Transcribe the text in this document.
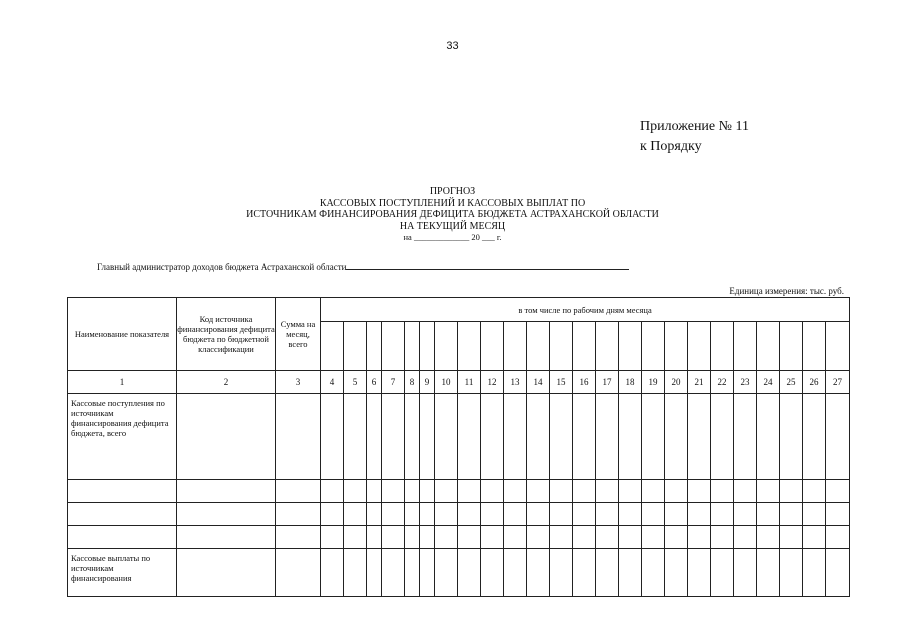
33
Приложение № 11
к Порядку
ПРОГНОЗ
КАССОВЫХ ПОСТУПЛЕНИЙ И КАССОВЫХ ВЫПЛАТ ПО
ИСТОЧНИКАМ ФИНАНСИРОВАНИЯ ДЕФИЦИТА БЮДЖЕТА АСТРАХАНСКОЙ ОБЛАСТИ
НА ТЕКУЩИЙ МЕСЯЦ
на _____________ 20 ___ г.
Главный администратор доходов бюджета Астраханской области
Единица измерения: тыс. руб.
Наименование показателя	Код источника финансирования дефицита бюджета по бюджетной классификации	Сумма на месяц, всего	в том числе по рабочим дням месяца																							

1	2	3	4	5	6	7	8	9	10	11	12	13	14	15	16	17	18	19	20	21	22	23	24	25	26	27
Кассовые поступления по источникам финансирования дефицита бюджета, всего																										

Кассовые выплаты по источникам финансирования																										
